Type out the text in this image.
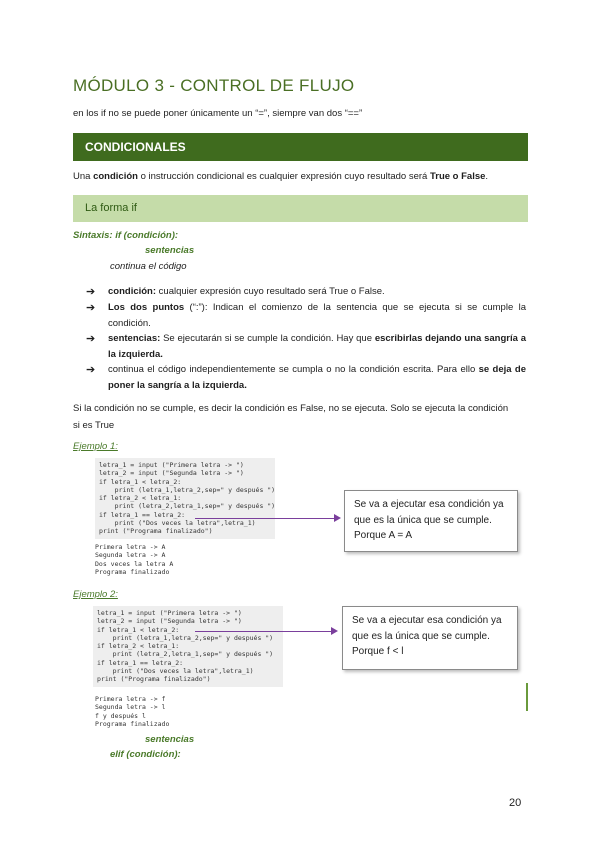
MÓDULO 3 - CONTROL DE FLUJO
en los if no se puede poner únicamente un “=”, siempre van dos “==”
CONDICIONALES
Una condición o instrucción condicional es cualquier expresión cuyo resultado será True o False.
La forma if
Sintaxis: if (condición):
sentencias
continua el código
➔ condición: cualquier expresión cuyo resultado será True o False.
➔ Los dos puntos (“:”): Indican el comienzo de la sentencia que se ejecuta si se cumple la condición.
➔ sentencias: Se ejecutarán si se cumple la condición. Hay que escribirlas dejando una sangría a la izquierda.
➔ continua el código independientemente se cumpla o no la condición escrita. Para ello se deja de poner la sangría a la izquierda.
Si la condición no se cumple, es decir la condición es False, no se ejecuta. Solo se ejecuta la condición
si es True
Ejemplo 1:
letra_1 = input ("Primera letra -> ")
letra_2 = input ("Segunda letra -> ")
if letra_1 < letra_2:
print (letra_1,letra_2,sep=" y después ")
if letra_2 < letra_1:
print (letra_2,letra_1,sep=" y después ")
if letra_1 == letra_2:
print ("Dos veces la letra",letra_1)
print ("Programa finalizado")
Primera letra -> A
Segunda letra -> A
Dos veces la letra A
Programa finalizado
Se va a ejecutar esa condición ya que es la única que se cumple. Porque A = A
Ejemplo 2:
letra_1 = input ("Primera letra -> ")
letra_2 = input ("Segunda letra -> ")
if letra_1 < letra_2:
print (letra_1,letra_2,sep=" y después ")
if letra_2 < letra_1:
print (letra_2,letra_1,sep=" y después ")
if letra_1 == letra_2:
print ("Dos veces la letra",letra_1)
print ("Programa finalizado")
Primera letra -> f
Segunda letra -> l
f y después l
Programa finalizado
Se va a ejecutar esa condición ya que es la única que se cumple. Porque f < l
sentencias
elif (condición):
20
